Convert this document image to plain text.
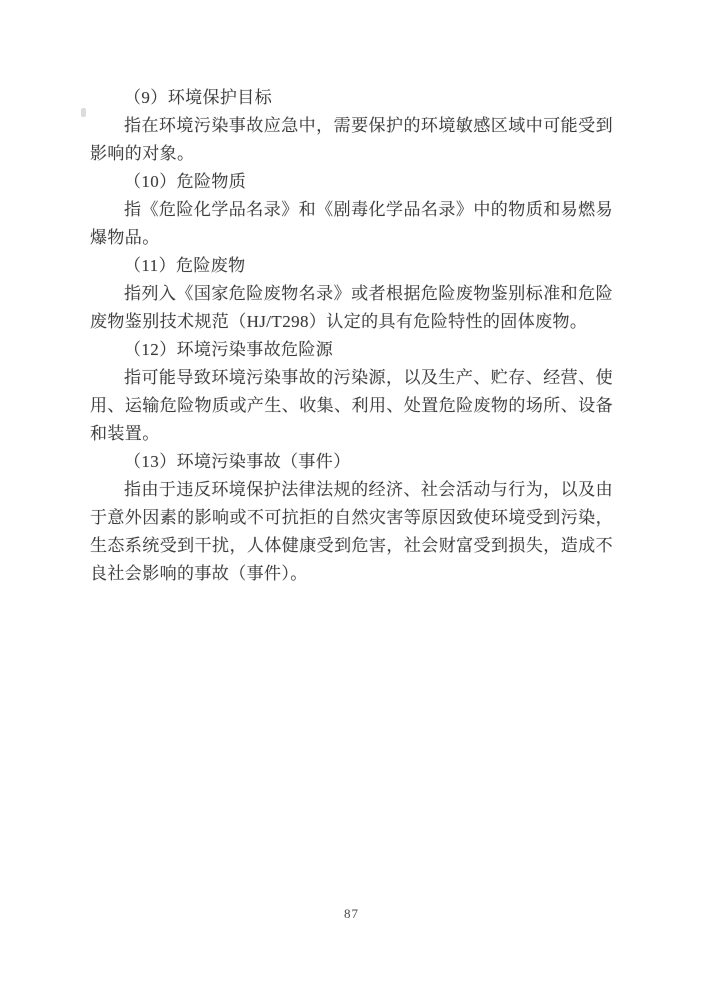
（9）环境保护目标

指在环境污染事故应急中，需要保护的环境敏感区域中可能受到影响的对象。

（10）危险物质

指《危险化学品名录》和《剧毒化学品名录》中的物质和易燃易爆物品。

（11）危险废物

指列入《国家危险废物名录》或者根据危险废物鉴别标准和危险废物鉴别技术规范（HJ/T298）认定的具有危险特性的固体废物。

（12）环境污染事故危险源

指可能导致环境污染事故的污染源，以及生产、贮存、经营、使用、运输危险物质或产生、收集、利用、处置危险废物的场所、设备和装置。

（13）环境污染事故（事件）

指由于违反环境保护法律法规的经济、社会活动与行为，以及由于意外因素的影响或不可抗拒的自然灾害等原因致使环境受到污染，生态系统受到干扰，人体健康受到危害，社会财富受到损失，造成不良社会影响的事故（事件）。

87
